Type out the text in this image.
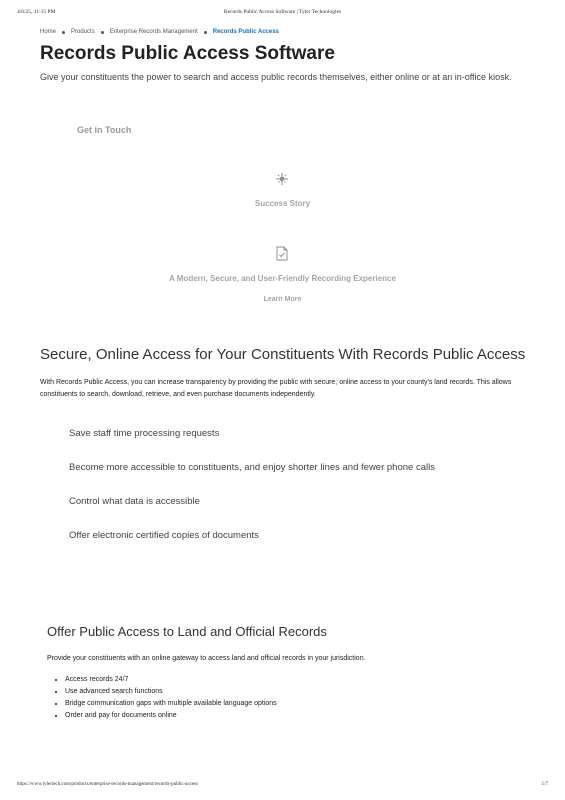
4/6/25, 11:15 PM	Records Public Access Software | Tyler Technologies
Home	Products	Enterprise Records Management	Records Public Access
Records Public Access Software

Give your constituents the power to search and access public records themselves, either online or at an in-office kiosk.

Get in Touch
Success Story
A Modern, Secure, and User-Friendly Recording Experience
Learn More
Secure, Online Access for Your Constituents With Records Public Access

With Records Public Access, you can increase transparency by providing the public with secure, online access to your county's land records. This allows constituents to search, download, retrieve, and even purchase documents independently.

Save staff time processing requests
Become more accessible to constituents, and enjoy shorter lines and fewer phone calls
Control what data is accessible
Offer electronic certified copies of documents
Offer Public Access to Land and Official Records

Provide your constituents with an online gateway to access land and official records in your jurisdiction.

• Access records 24/7
• Use advanced search functions
• Bridge communication gaps with multiple available language options
• Order and pay for documents online
https://www.tylertech.com/products/enterprise-records-management/records-public-access	1/7
